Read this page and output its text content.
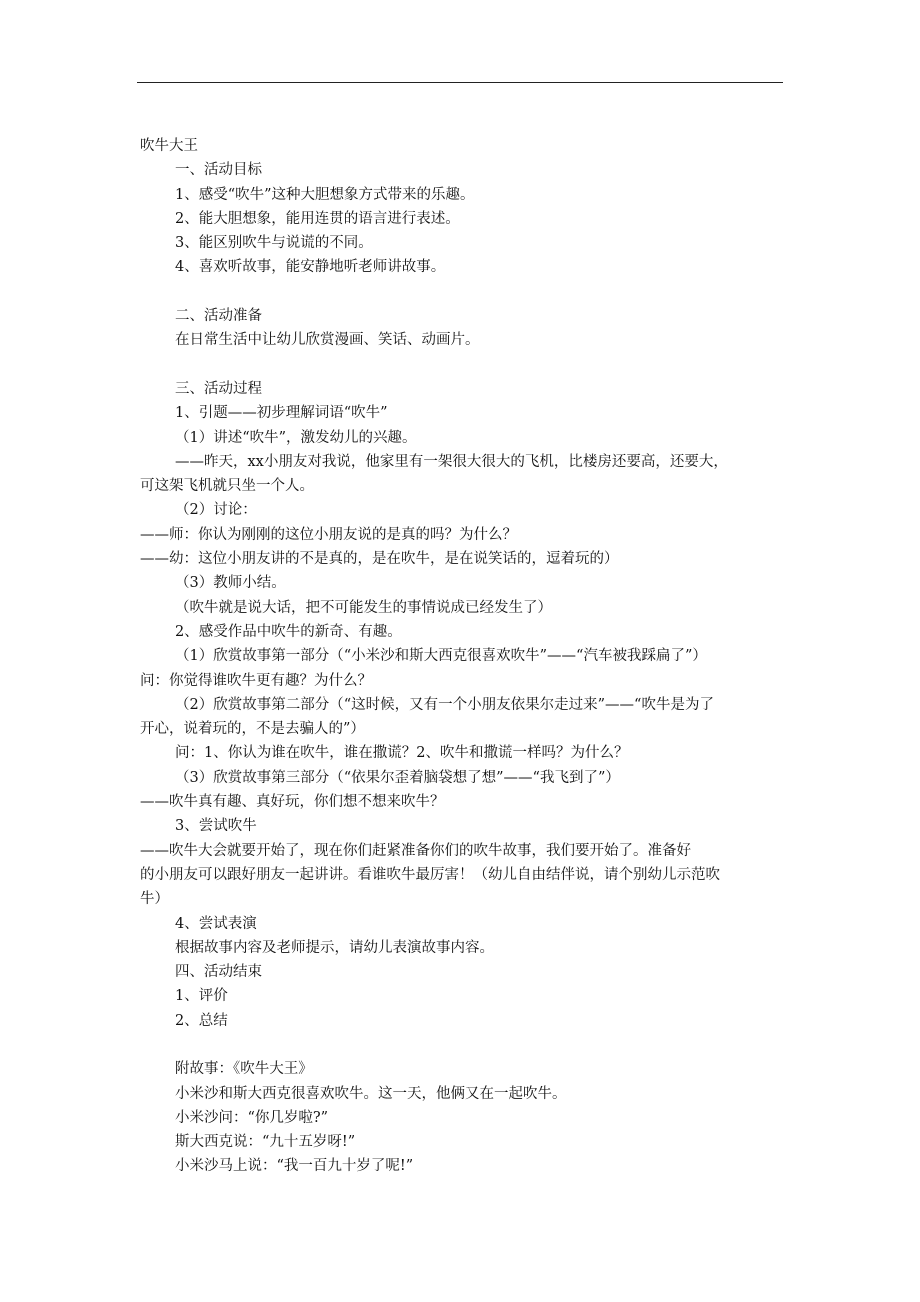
吹牛大王
一、活动目标
1、感受“吹牛”这种大胆想象方式带来的乐趣。
2、能大胆想象，能用连贯的语言进行表述。
3、能区别吹牛与说谎的不同。
4、喜欢听故事，能安静地听老师讲故事。
二、活动准备
在日常生活中让幼儿欣赏漫画、笑话、动画片。
三、活动过程
1、引题——初步理解词语“吹牛”
（1）讲述“吹牛”，激发幼儿的兴趣。
——昨天，xx小朋友对我说，他家里有一架很大很大的飞机，比楼房还要高，还要大，
可这架飞机就只坐一个人。
（2）讨论：
——师：你认为刚刚的这位小朋友说的是真的吗？为什么？
——幼：这位小朋友讲的不是真的，是在吹牛，是在说笑话的，逗着玩的）
（3）教师小结。
（吹牛就是说大话，把不可能发生的事情说成已经发生了）
2、感受作品中吹牛的新奇、有趣。
（1）欣赏故事第一部分（“小米沙和斯大西克很喜欢吹牛”——“汽车被我踩扁了”）
问：你觉得谁吹牛更有趣？为什么？
（2）欣赏故事第二部分（“这时候，又有一个小朋友依果尔走过来”——“吹牛是为了
开心，说着玩的，不是去骗人的”）
问：1、你认为谁在吹牛，谁在撒谎？2、吹牛和撒谎一样吗？为什么？
（3）欣赏故事第三部分（“依果尔歪着脑袋想了想”——“我飞到了”）
——吹牛真有趣、真好玩，你们想不想来吹牛？
3、尝试吹牛
——吹牛大会就要开始了，现在你们赶紧准备你们的吹牛故事，我们要开始了。准备好
的小朋友可以跟好朋友一起讲讲。看谁吹牛最厉害！（幼儿自由结伴说，请个别幼儿示范吹
牛）
4、尝试表演
根据故事内容及老师提示，请幼儿表演故事内容。
四、活动结束
1、评价
2、总结
附故事：《吹牛大王》
小米沙和斯大西克很喜欢吹牛。这一天，他俩又在一起吹牛。
小米沙问：“你几岁啦?”
斯大西克说：“九十五岁呀!”
小米沙马上说：“我一百九十岁了呢!”
